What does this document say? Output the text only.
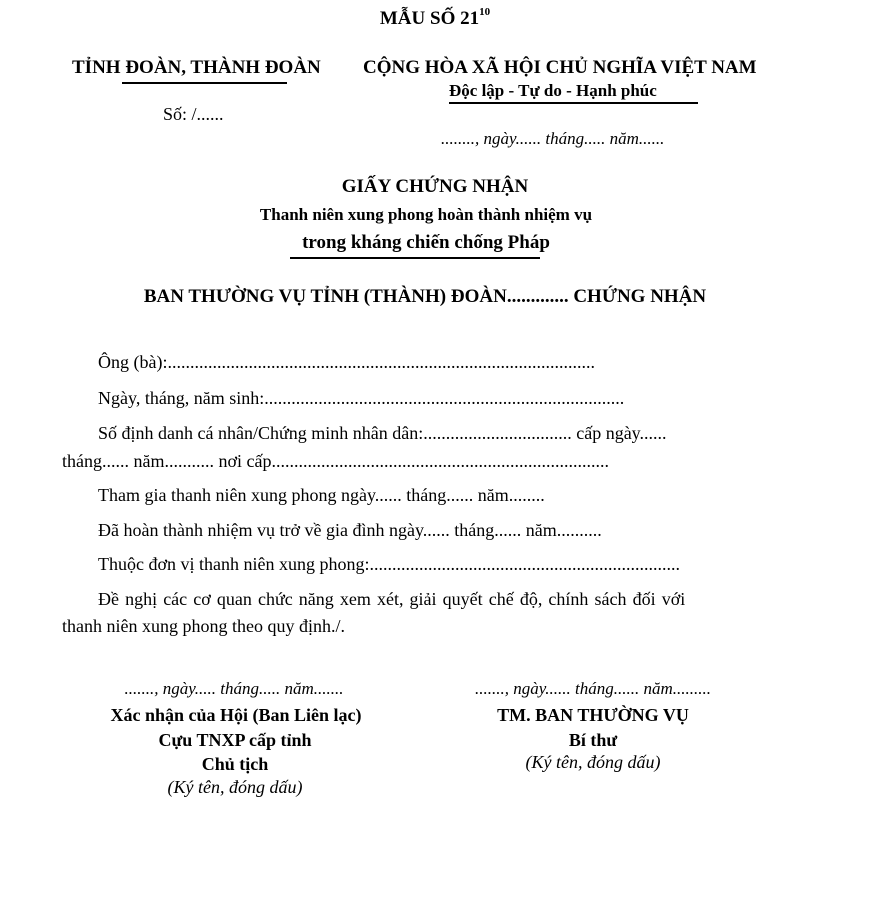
MẪU SỐ $21^{10}$
TỈNH ĐOÀN, THÀNH ĐOÀN CỘNG HÒA XÃ HỘI CHỦ NGHĨA VIỆT NAM
Độc lập - Tự do - Hạnh phúc
Số: /......
........, ngày...... tháng..... năm......
GIẤY CHỨNG NHẬN
Thanh niên xung phong hoàn thành nhiệm vụ
trong kháng chiến chống Pháp
BAN THƯỜNG VỤ TỈNH (THÀNH) ĐOÀN............. CHỨNG NHẬN
Ông (bà):...............................................................................................
Ngày, tháng, năm sinh:................................................................................
Số định danh cá nhân/Chứng minh nhân dân:................................. cấp ngày......
tháng...... năm........... nơi cấp...........................................................................
Tham gia thanh niên xung phong ngày...... tháng...... năm........
Đã hoàn thành nhiệm vụ trở về gia đình ngày...... tháng...... năm..........
Thuộc đơn vị thanh niên xung phong:.....................................................................
Đề nghị các cơ quan chức năng xem xét, giải quyết chế độ, chính sách đối với
thanh niên xung phong theo quy định./.
......., ngày..... tháng..... năm.......
Xác nhận của Hội (Ban Liên lạc)
Cựu TNXP cấp tỉnh
Chủ tịch
(Ký tên, đóng dấu)
......., ngày...... tháng...... năm.........
TM. BAN THƯỜNG VỤ
Bí thư
(Ký tên, đóng dấu)
